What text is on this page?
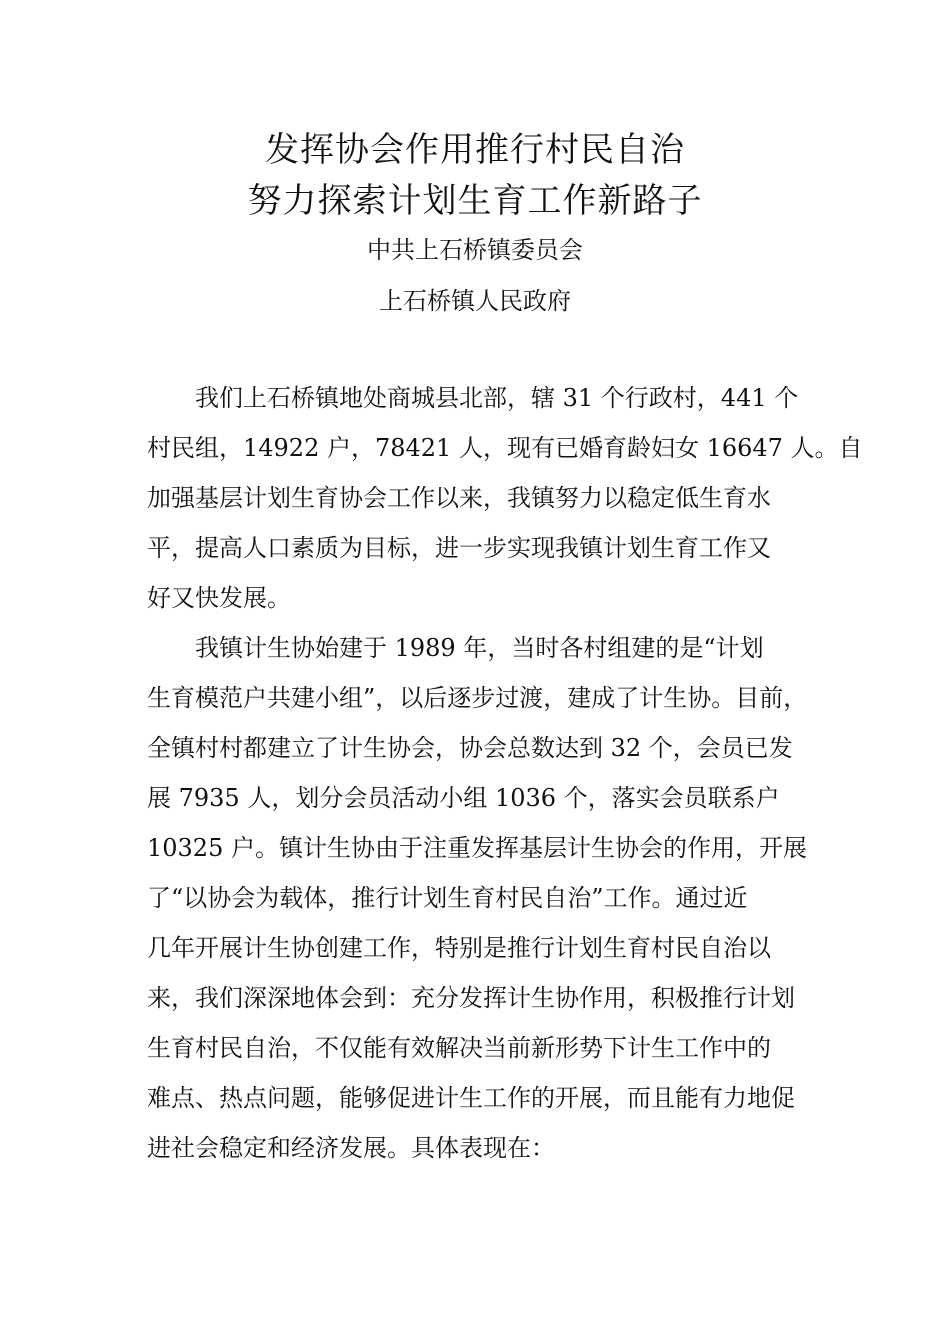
发挥协会作用推行村民自治
努力探索计划生育工作新路子
中共上石桥镇委员会
上石桥镇人民政府
我们上石桥镇地处商城县北部，辖 31 个行政村，441 个
村民组，14922 户，78421 人，现有已婚育龄妇女 16647 人。自
加强基层计划生育协会工作以来，我镇努力以稳定低生育水
平，提高人口素质为目标，进一步实现我镇计划生育工作又
好又快发展。
我镇计生协始建于 1989 年，当时各村组建的是“计划
生育模范户共建小组”，以后逐步过渡，建成了计生协。目前，
全镇村村都建立了计生协会，协会总数达到 32 个，会员已发
展 7935 人，划分会员活动小组 1036 个，落实会员联系户
10325 户。镇计生协由于注重发挥基层计生协会的作用，开展
了“以协会为载体，推行计划生育村民自治”工作。通过近
几年开展计生协创建工作，特别是推行计划生育村民自治以
来，我们深深地体会到：充分发挥计生协作用，积极推行计划
生育村民自治，不仅能有效解决当前新形势下计生工作中的
难点、热点问题，能够促进计生工作的开展，而且能有力地促
进社会稳定和经济发展。具体表现在：
